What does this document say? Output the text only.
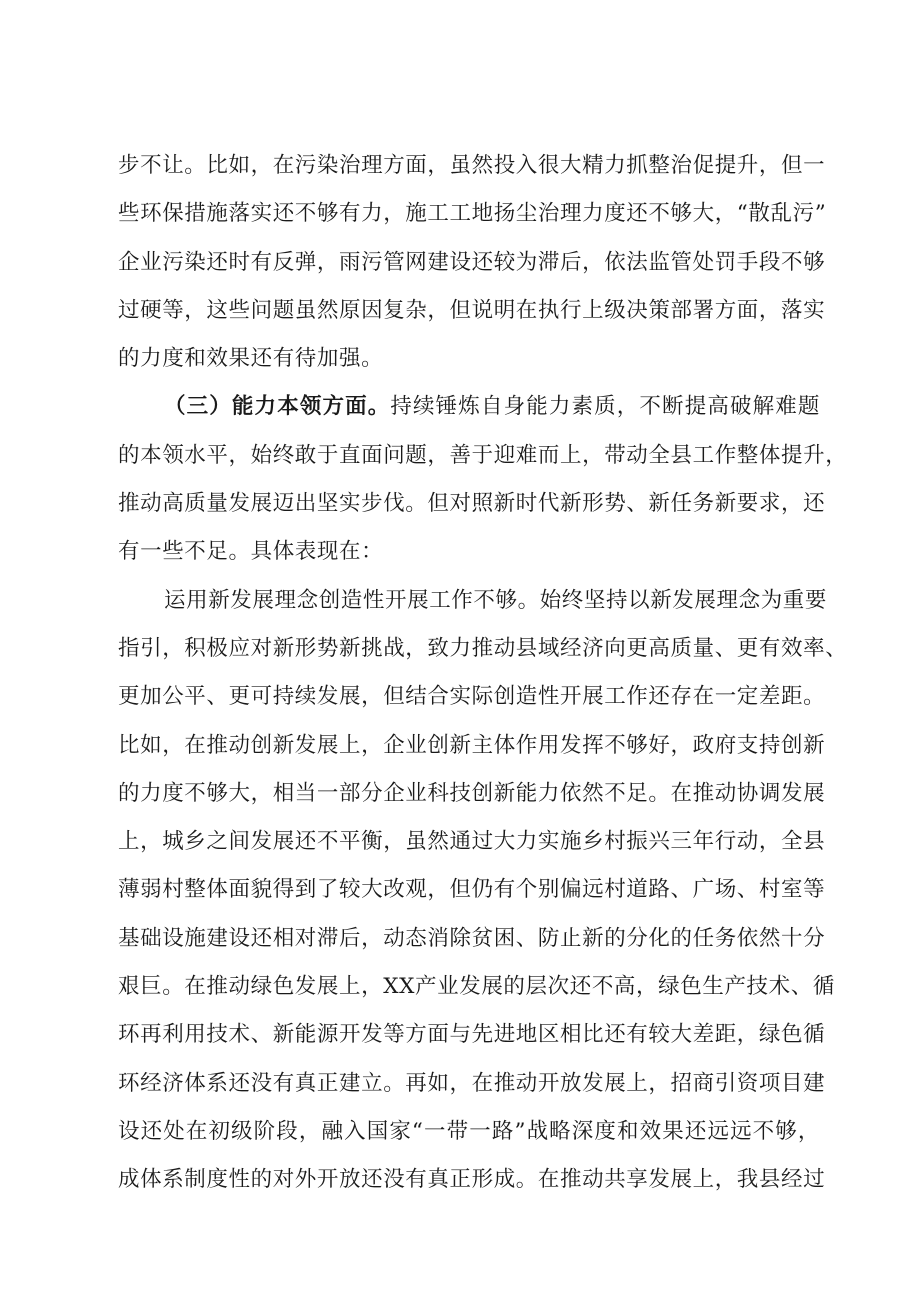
步不让。比如，在污染治理方面，虽然投入很大精力抓整治促提升，但一
些环保措施落实还不够有力，施工工地扬尘治理力度还不够大，“散乱污”
企业污染还时有反弹，雨污管网建设还较为滞后，依法监管处罚手段不够
过硬等，这些问题虽然原因复杂，但说明在执行上级决策部署方面，落实
的力度和效果还有待加强。
（三）能力本领方面。持续锤炼自身能力素质，不断提高破解难题
的本领水平，始终敢于直面问题，善于迎难而上，带动全县工作整体提升，
推动高质量发展迈出坚实步伐。但对照新时代新形势、新任务新要求，还
有一些不足。具体表现在：
运用新发展理念创造性开展工作不够。始终坚持以新发展理念为重要
指引，积极应对新形势新挑战，致力推动县域经济向更高质量、更有效率、
更加公平、更可持续发展，但结合实际创造性开展工作还存在一定差距。
比如，在推动创新发展上，企业创新主体作用发挥不够好，政府支持创新
的力度不够大，相当一部分企业科技创新能力依然不足。在推动协调发展
上，城乡之间发展还不平衡，虽然通过大力实施乡村振兴三年行动，全县
薄弱村整体面貌得到了较大改观，但仍有个别偏远村道路、广场、村室等
基础设施建设还相对滞后，动态消除贫困、防止新的分化的任务依然十分
艰巨。在推动绿色发展上，XX产业发展的层次还不高，绿色生产技术、循
环再利用技术、新能源开发等方面与先进地区相比还有较大差距，绿色循
环经济体系还没有真正建立。再如，在推动开放发展上，招商引资项目建
设还处在初级阶段，融入国家“一带一路”战略深度和效果还远远不够，
成体系制度性的对外开放还没有真正形成。在推动共享发展上，我县经过
